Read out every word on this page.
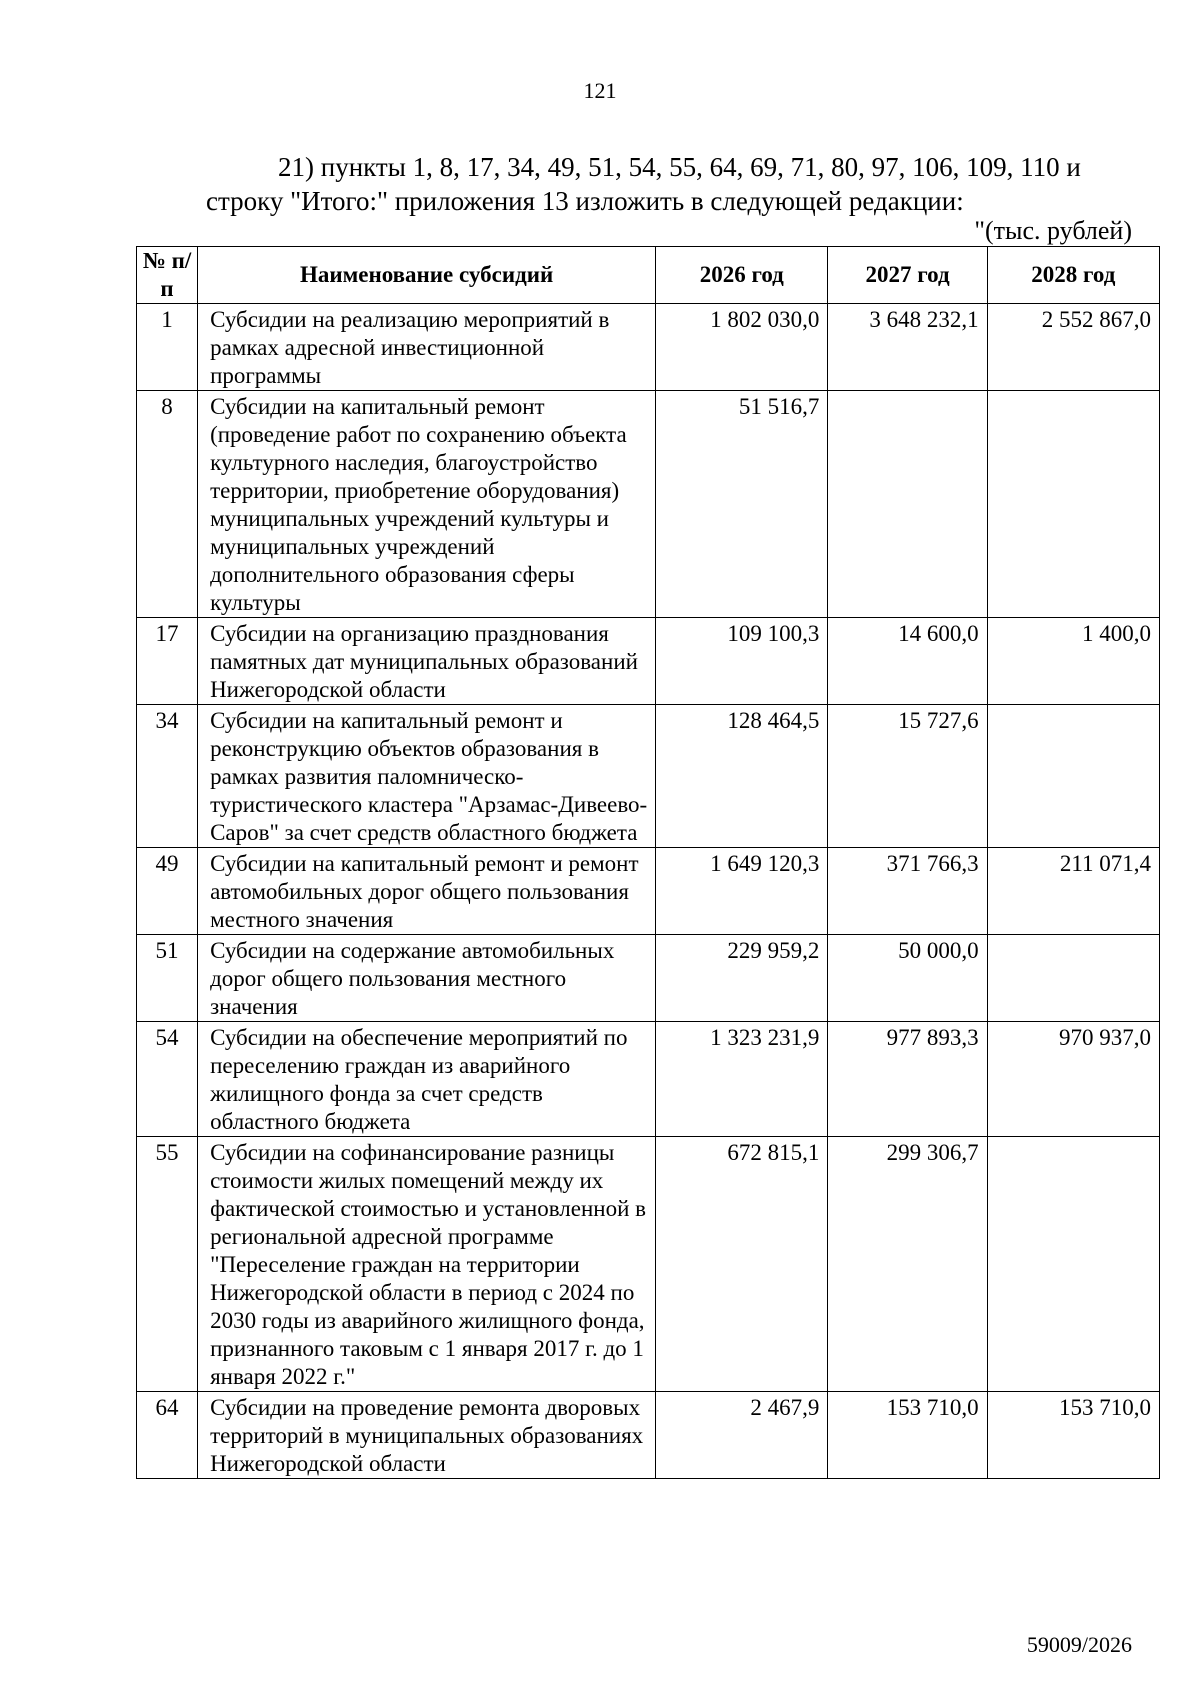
121
21) пункты 1, 8, 17, 34, 49, 51, 54, 55, 64, 69, 71, 80, 97, 106, 109, 110 и
строку "Итого:" приложения 13 изложить в следующей редакции:
"(тыс. рублей)
№ п/п	Наименование субсидий	2026 год	2027 год	2028 год
1	Субсидии на реализацию мероприятий в рамках адресной инвестиционной программы	1 802 030,0	3 648 232,1	2 552 867,0
8	Субсидии на капитальный ремонт (проведение работ по сохранению объекта культурного наследия, благоустройство территории, приобретение оборудования) муниципальных учреждений культуры и муниципальных учреждений дополнительного образования сферы культуры	51 516,7		
17	Субсидии на организацию празднования памятных дат муниципальных образований Нижегородской области	109 100,3	14 600,0	1 400,0
34	Субсидии на капитальный ремонт и реконструкцию объектов образования в рамках развития паломническо-туристического кластера "Арзамас-Дивеево-Саров" за счет средств областного бюджета	128 464,5	15 727,6	
49	Субсидии на капитальный ремонт и ремонт автомобильных дорог общего пользования местного значения	1 649 120,3	371 766,3	211 071,4
51	Субсидии на содержание автомобильных дорог общего пользования местного значения	229 959,2	50 000,0	
54	Субсидии на обеспечение мероприятий по переселению граждан из аварийного жилищного фонда за счет средств областного бюджета	1 323 231,9	977 893,3	970 937,0
55	Субсидии на софинансирование разницы стоимости жилых помещений между их фактической стоимостью и установленной в региональной адресной программе "Переселение граждан на территории Нижегородской области в период с 2024 по 2030 годы из аварийного жилищного фонда, признанного таковым с 1 января 2017 г. до 1 января 2022 г."	672 815,1	299 306,7	
64	Субсидии на проведение ремонта дворовых территорий в муниципальных образованиях Нижегородской области	2 467,9	153 710,0	153 710,0
59009/2026
